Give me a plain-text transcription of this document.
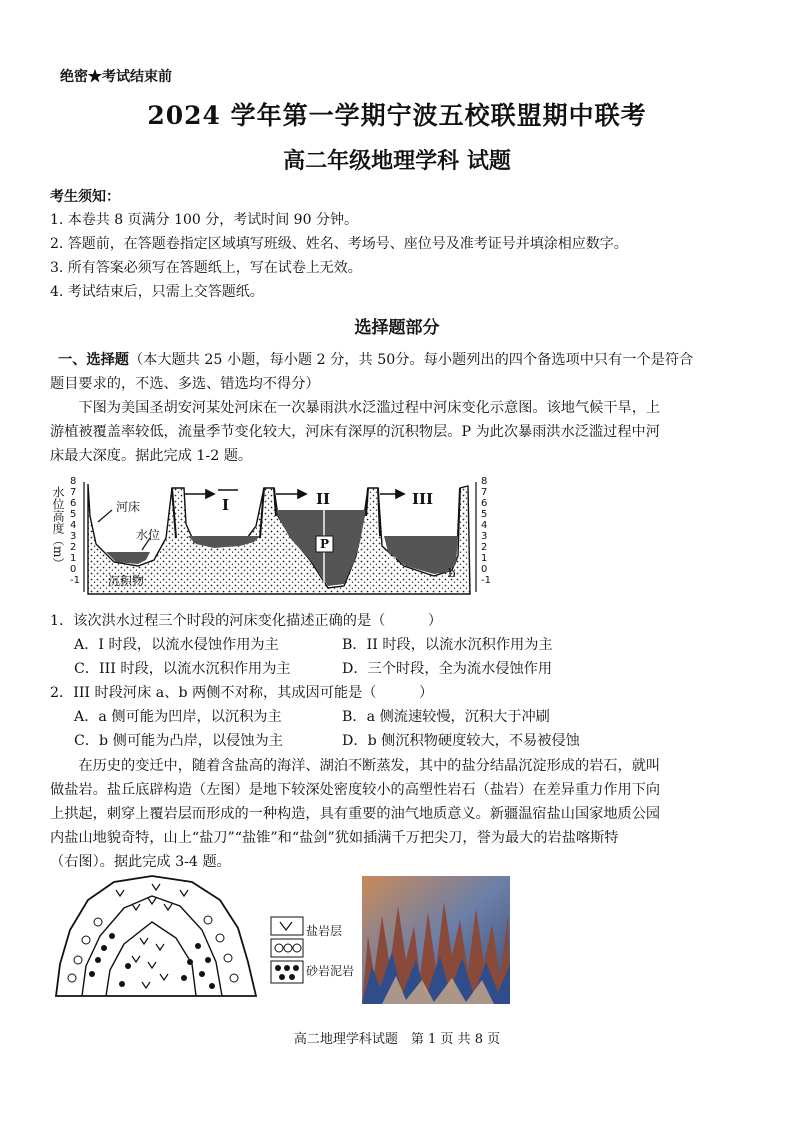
绝密★考试结束前
2024 学年第一学期宁波五校联盟期中联考
高二年级地理学科 试题
考生须知：
1. 本卷共 8 页满分 100 分，考试时间 90 分钟。
2. 答题前，在答题卷指定区域填写班级、姓名、考场号、座位号及准考证号并填涂相应数字。
3. 所有答案必须写在答题纸上，写在试卷上无效。
4. 考试结束后，只需上交答题纸。
选择题部分
一、选择题（本大题共 25 小题，每小题 2 分，共 50分。每小题列出的四个备选项中只有一个是符合
题目要求的，不选、多选、错选均不得分）
下图为美国圣胡安河某处河床在一次暴雨洪水泛滥过程中河床变化示意图。该地气候干旱，上
游植被覆盖率较低，流量季节变化较大，河床有深厚的沉积物层。P 为此次暴雨洪水泛滥过程中河
床最大深度。据此完成 1-2 题。
水位高度（m）
8
7
6
5
4
3
2
1
0
-1
8
7
6
5
4
3
2
1
0
-1
河床
水位
沉积物
I	II	III
P
a
b
1．该次洪水过程三个时段的河床变化描述正确的是（　　　）
A．I 时段，以流水侵蚀作用为主	B．II 时段，以流水沉积作用为主
C．III 时段，以流水沉积作用为主	D．三个时段，全为流水侵蚀作用
2．III 时段河床 a、b 两侧不对称，其成因可能是（　　　）
A．a 侧可能为凹岸，以沉积为主	B．a 侧流速较慢，沉积大于冲刷
C．b 侧可能为凸岸，以侵蚀为主	D．b 侧沉积物硬度较大，不易被侵蚀
在历史的变迁中，随着含盐高的海洋、湖泊不断蒸发，其中的盐分结晶沉淀形成的岩石，就叫
做盐岩。盐丘底辟构造（左图）是地下较深处密度较小的高塑性岩石（盐岩）在差异重力作用下向
上拱起，刺穿上覆岩层而形成的一种构造，具有重要的油气地质意义。新疆温宿盐山国家地质公园
内盐山地貌奇特，山上“盐刀”“盐锥”和“盐剑”犹如插满千万把尖刀，誉为最大的岩盐喀斯特
（右图）。据此完成 3-4 题。
盐岩层
砂岩泥岩
高二地理学科试题　第 1 页 共 8 页
